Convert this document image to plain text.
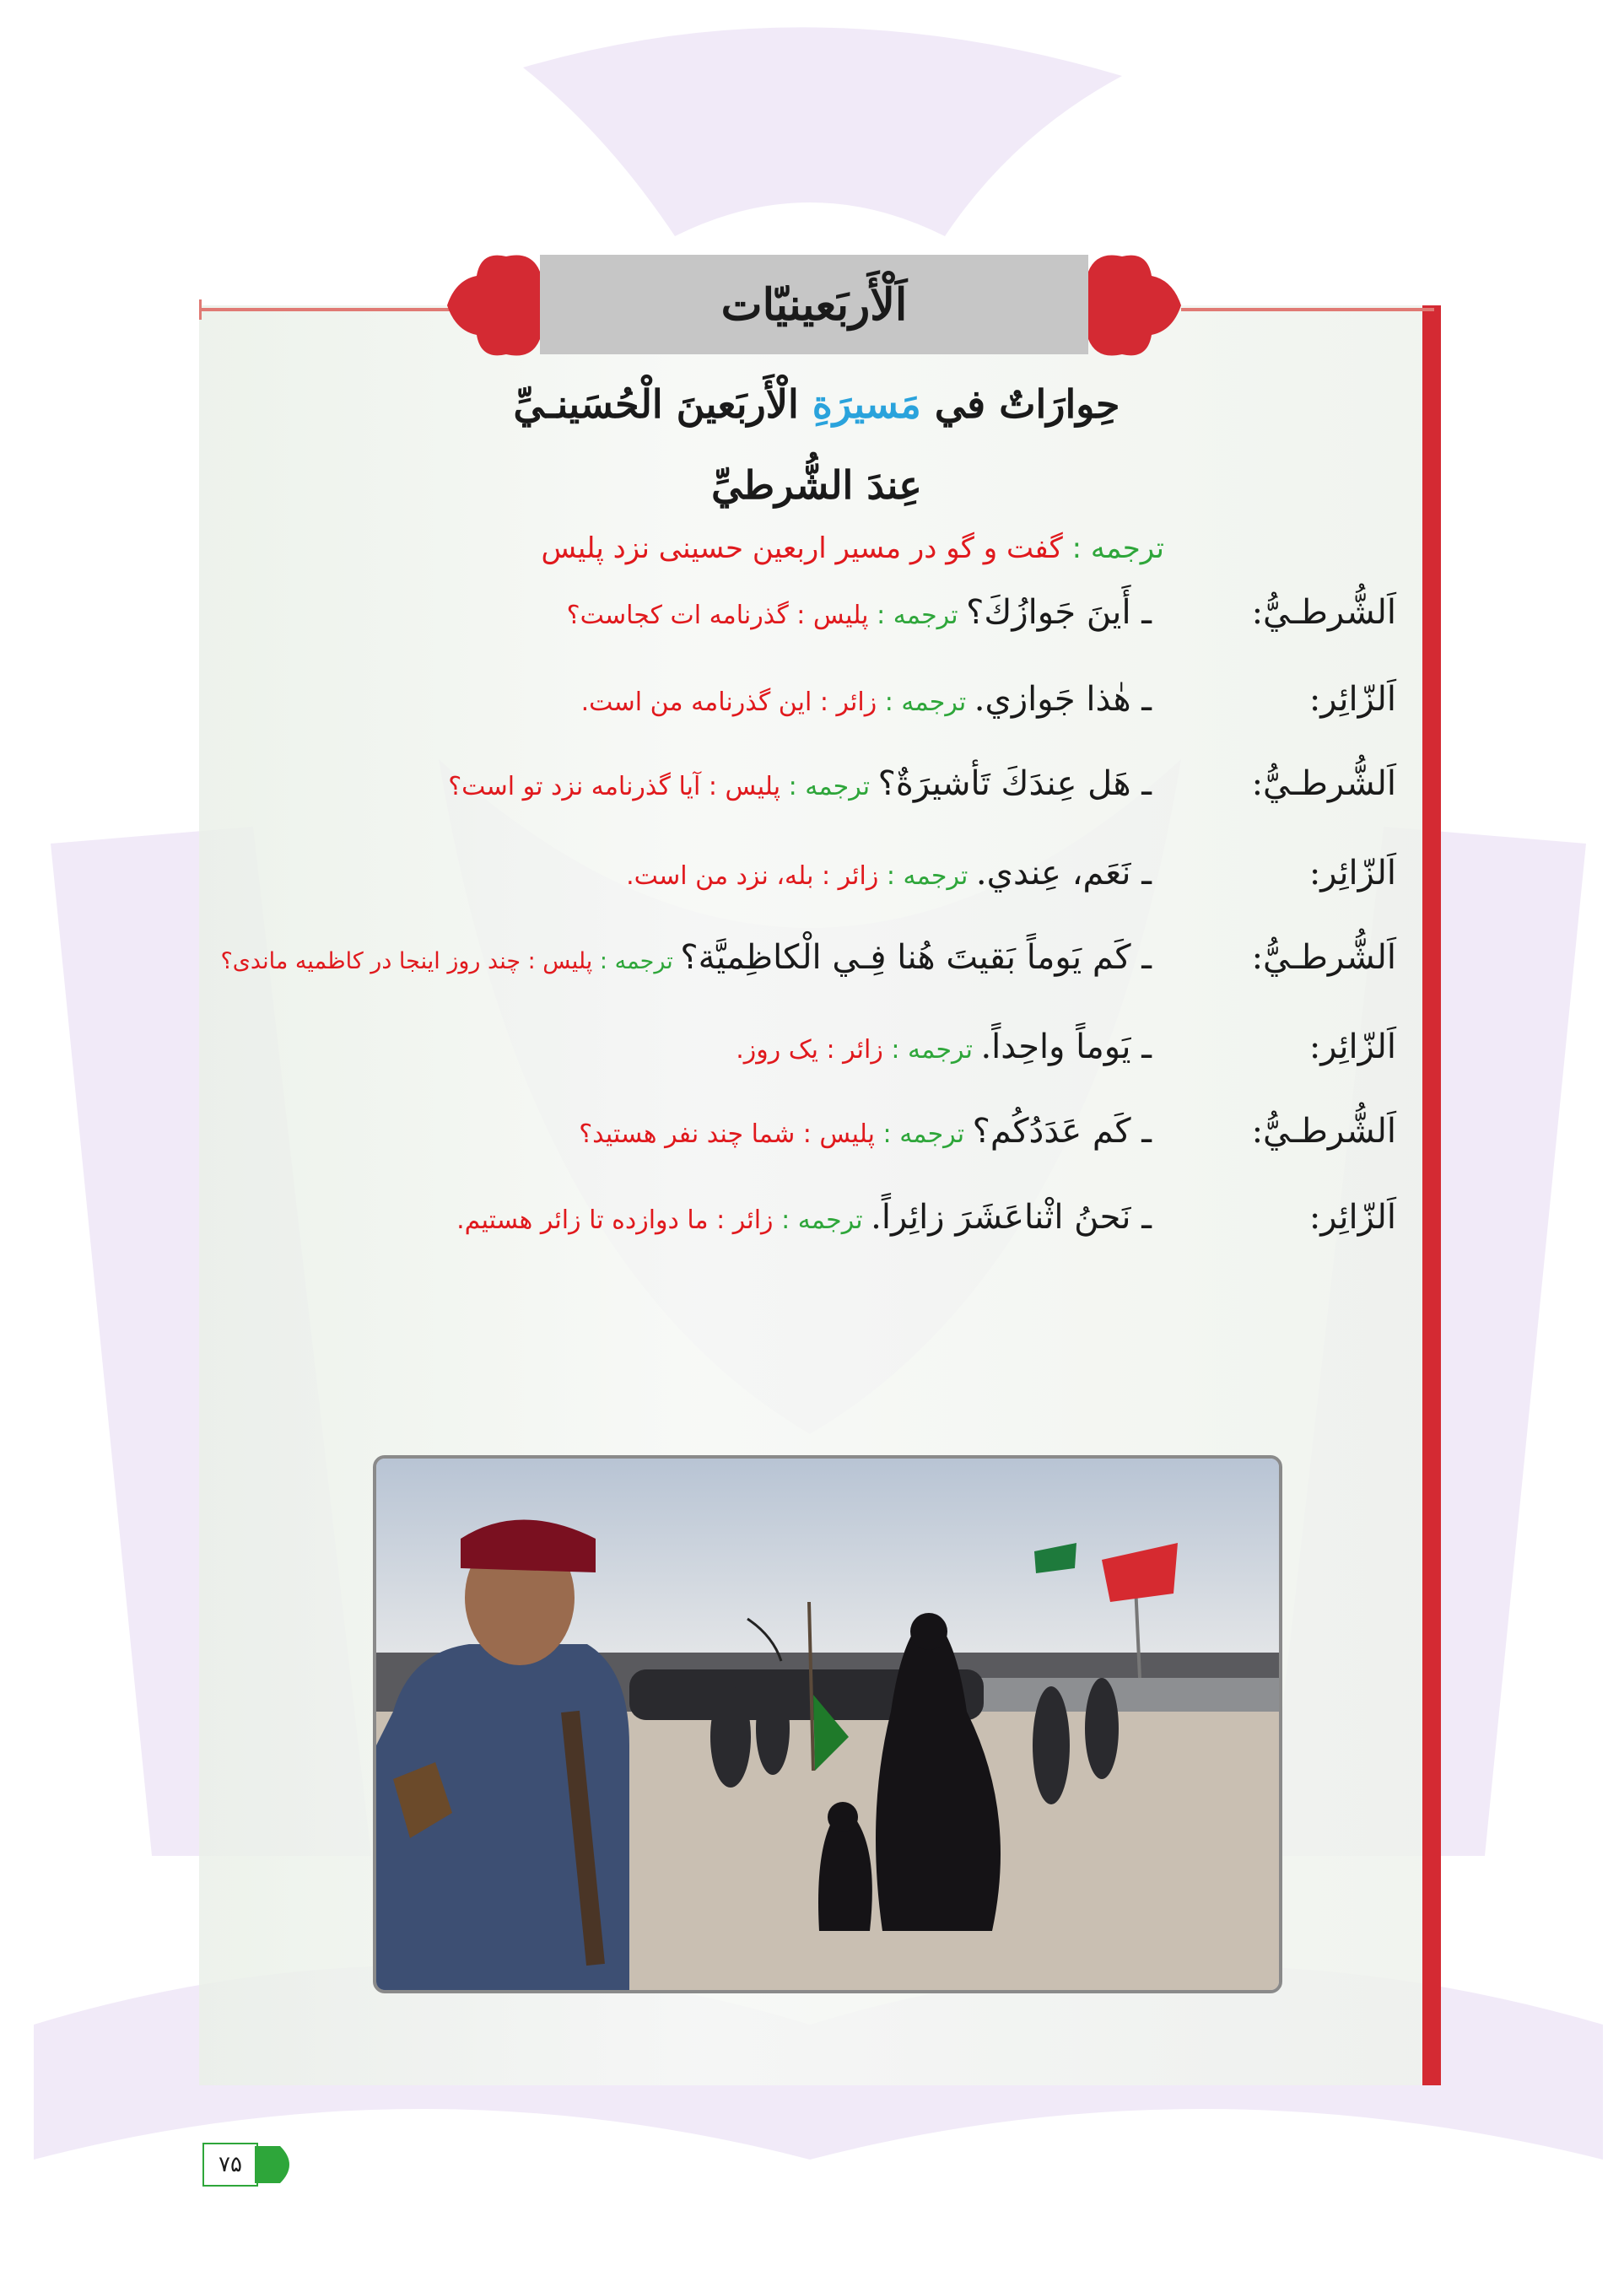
اَلْأَربَعينيّات
حِوارَاتٌ في مَسيرَةِ الْأَربَعينَ الْحُسَينـيِّ
عِندَ الشُّرطيِّ
ترجمه : گفت و گو در مسیر اربعین حسینی نزد پلیس
اَلشُّرطـيُّ:
ـ أَينَ جَوازُكَ؟ ترجمه : پلیس : گذرنامه ات کجاست؟
اَلزّائِر:
ـ هٰذا جَوازي. ترجمه : زائر : این گذرنامه من است.
اَلشُّرطـيُّ:
ـ هَل عِندَكَ تَأشيرَةٌ؟ ترجمه : پلیس : آیا گذرنامه نزد تو است؟
اَلزّائِر:
ـ نَعَم، عِندي. ترجمه : زائر : بله، نزد من است.
اَلشُّرطـيُّ:
ـ كَم يَوماً بَقيتَ هُنا فِـي الْكاظِميَّة؟ ترجمه : پلیس : چند روز اینجا در کاظمیه ماندی؟
اَلزّائِر:
ـ يَوماً واحِداً. ترجمه : زائر : یک روز.
اَلشُّرطـيُّ:
ـ كَم عَدَدُكُم؟ ترجمه : پلیس : شما چند نفر هستید؟
اَلزّائِر:
ـ نَحنُ اثْناعَشَرَ زائِراً. ترجمه : زائر : ما دوازده تا زائر هستیم.
۷۵
